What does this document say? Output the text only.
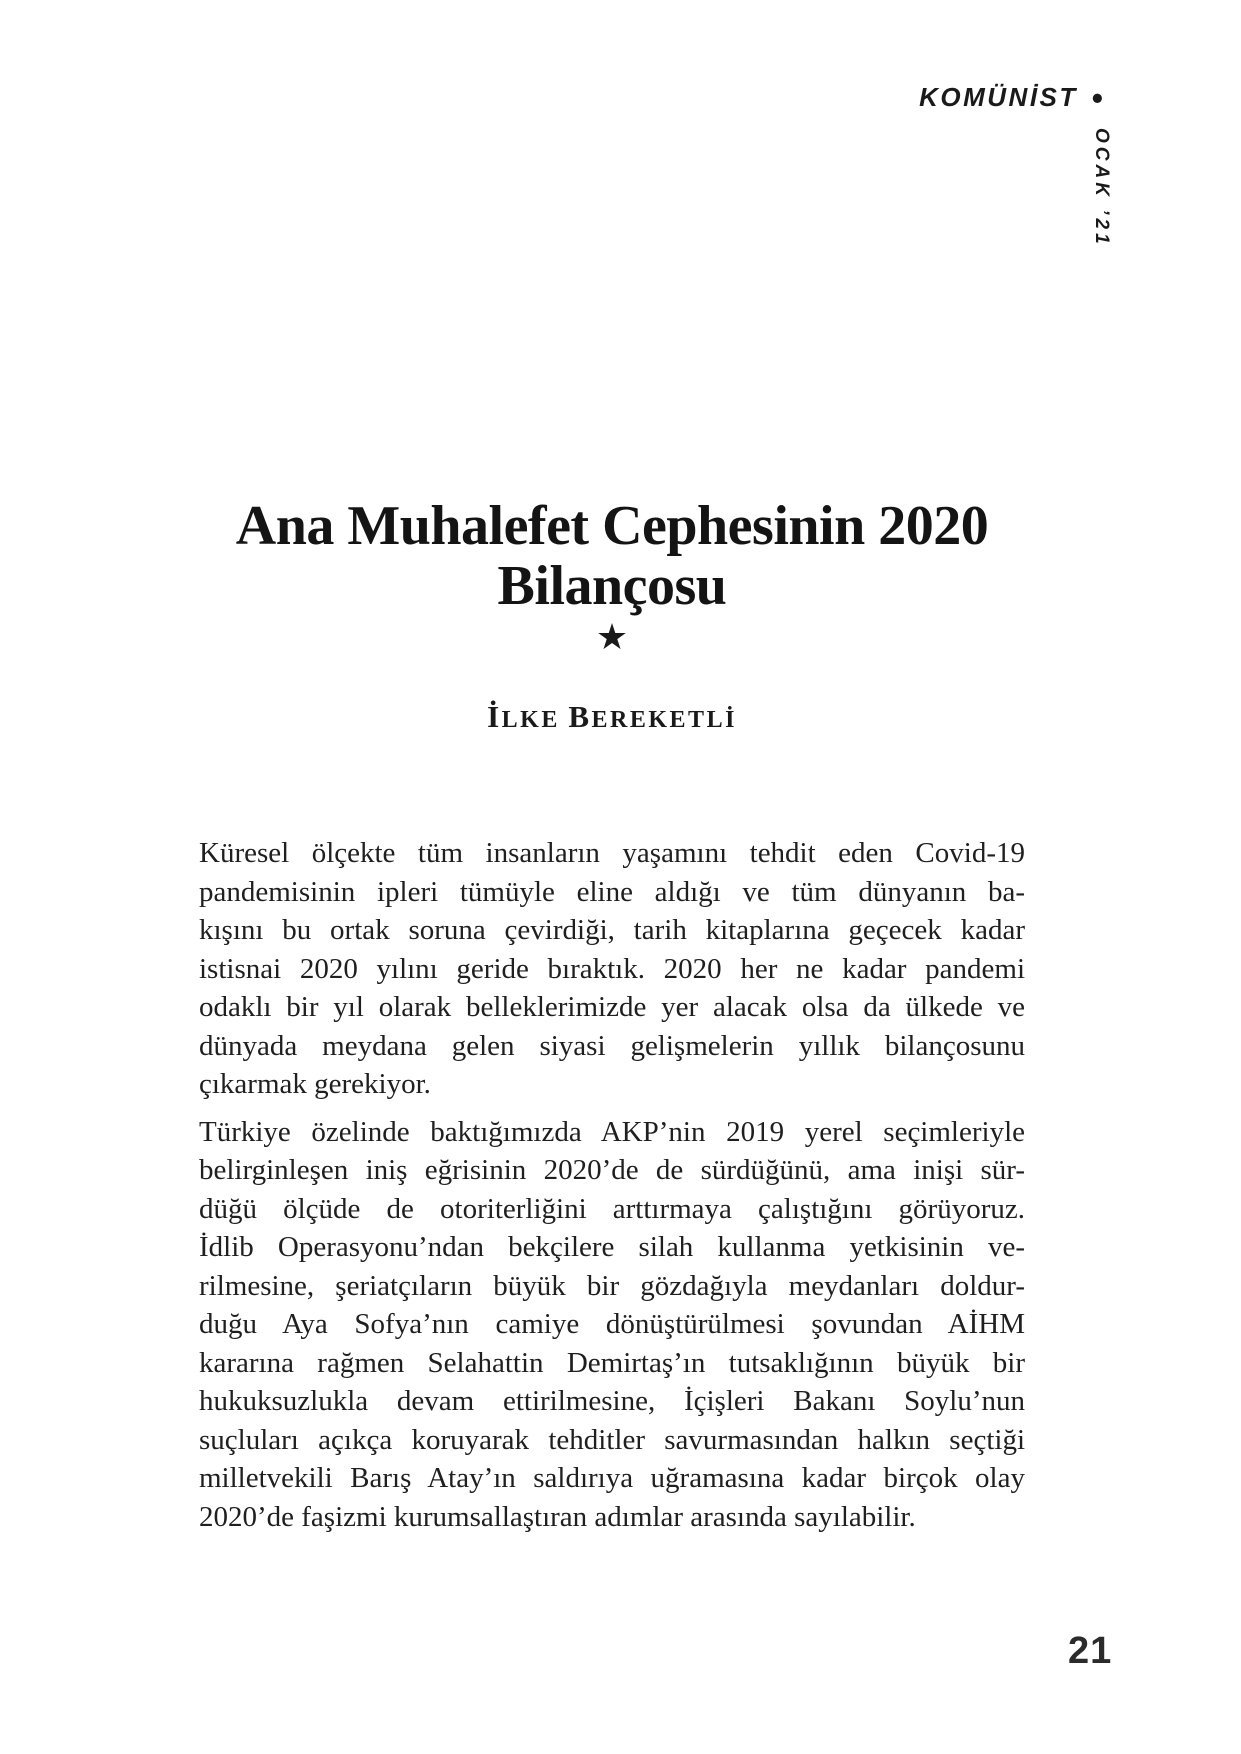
KOMÜNİST •
OCAK ’21
Ana Muhalefet Cephesinin 2020
Bilançosu
★
İLKE BEREKETLİ
Küresel ölçekte tüm insanların yaşamını tehdit eden Covid-19
pandemisinin ipleri tümüyle eline aldığı ve tüm dünyanın ba-
kışını bu ortak soruna çevirdiği, tarih kitaplarına geçecek kadar
istisnai 2020 yılını geride bıraktık. 2020 her ne kadar pandemi
odaklı bir yıl olarak belleklerimizde yer alacak olsa da ülkede ve
dünyada meydana gelen siyasi gelişmelerin yıllık bilançosunu
çıkarmak gerekiyor.
Türkiye özelinde baktığımızda AKP’nin 2019 yerel seçimleriyle
belirginleşen iniş eğrisinin 2020’de de sürdüğünü, ama inişi sür-
düğü ölçüde de otoriterliğini arttırmaya çalıştığını görüyoruz.
İdlib Operasyonu’ndan bekçilere silah kullanma yetkisinin ve-
rilmesine, şeriatçıların büyük bir gözdağıyla meydanları doldur-
duğu Aya Sofya’nın camiye dönüştürülmesi şovundan AİHM
kararına rağmen Selahattin Demirtaş’ın tutsaklığının büyük bir
hukuksuzlukla devam ettirilmesine, İçişleri Bakanı Soylu’nun
suçluları açıkça koruyarak tehditler savurmasından halkın seçtiği
milletvekili Barış Atay’ın saldırıya uğramasına kadar birçok olay
2020’de faşizmi kurumsallaştıran adımlar arasında sayılabilir.
21
